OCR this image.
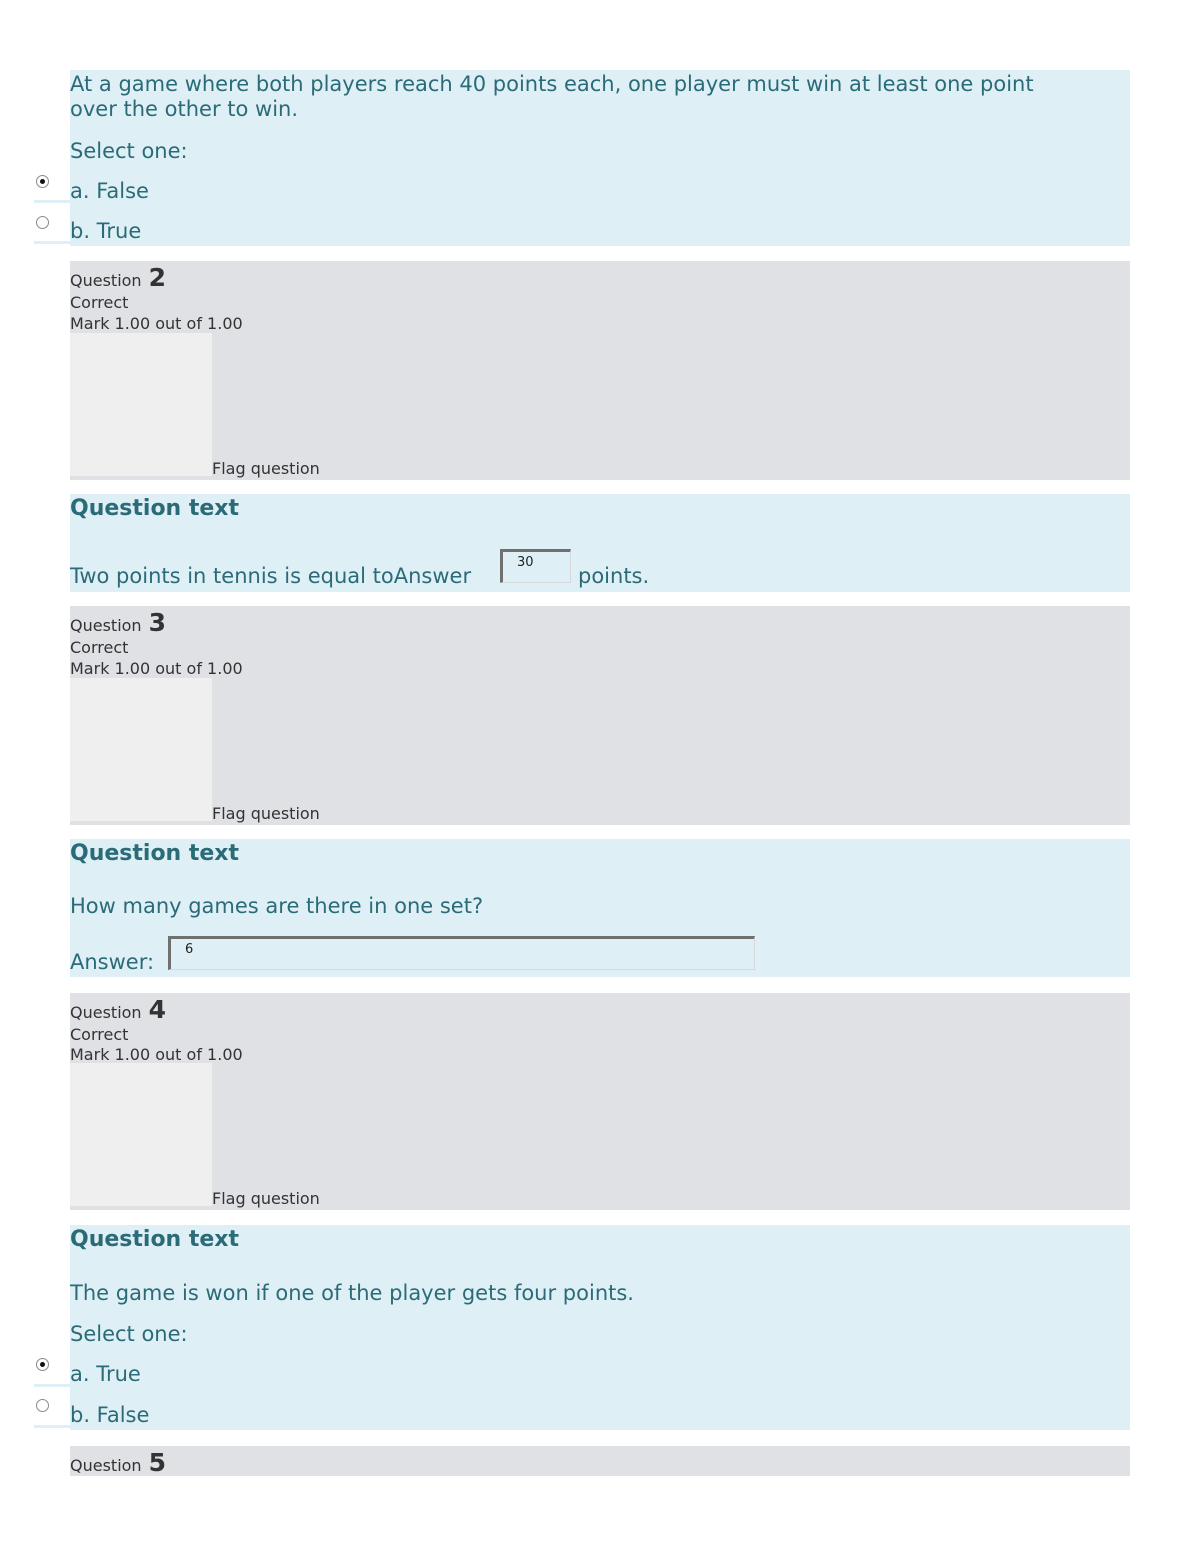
At a game where both players reach 40 points each, one player must win at least one point
over the other to win.
Select one:
a. False
b. True
Question 2
Correct
Mark 1.00 out of 1.00
Flag question
Question text
Two points in tennis is equal toAnswer
30
points.
Question 3
Correct
Mark 1.00 out of 1.00
Flag question
Question text
How many games are there in one set?
Answer:
6
Question 4
Correct
Mark 1.00 out of 1.00
Flag question
Question text
The game is won if one of the player gets four points.
Select one:
a. True
b. False
Question 5
